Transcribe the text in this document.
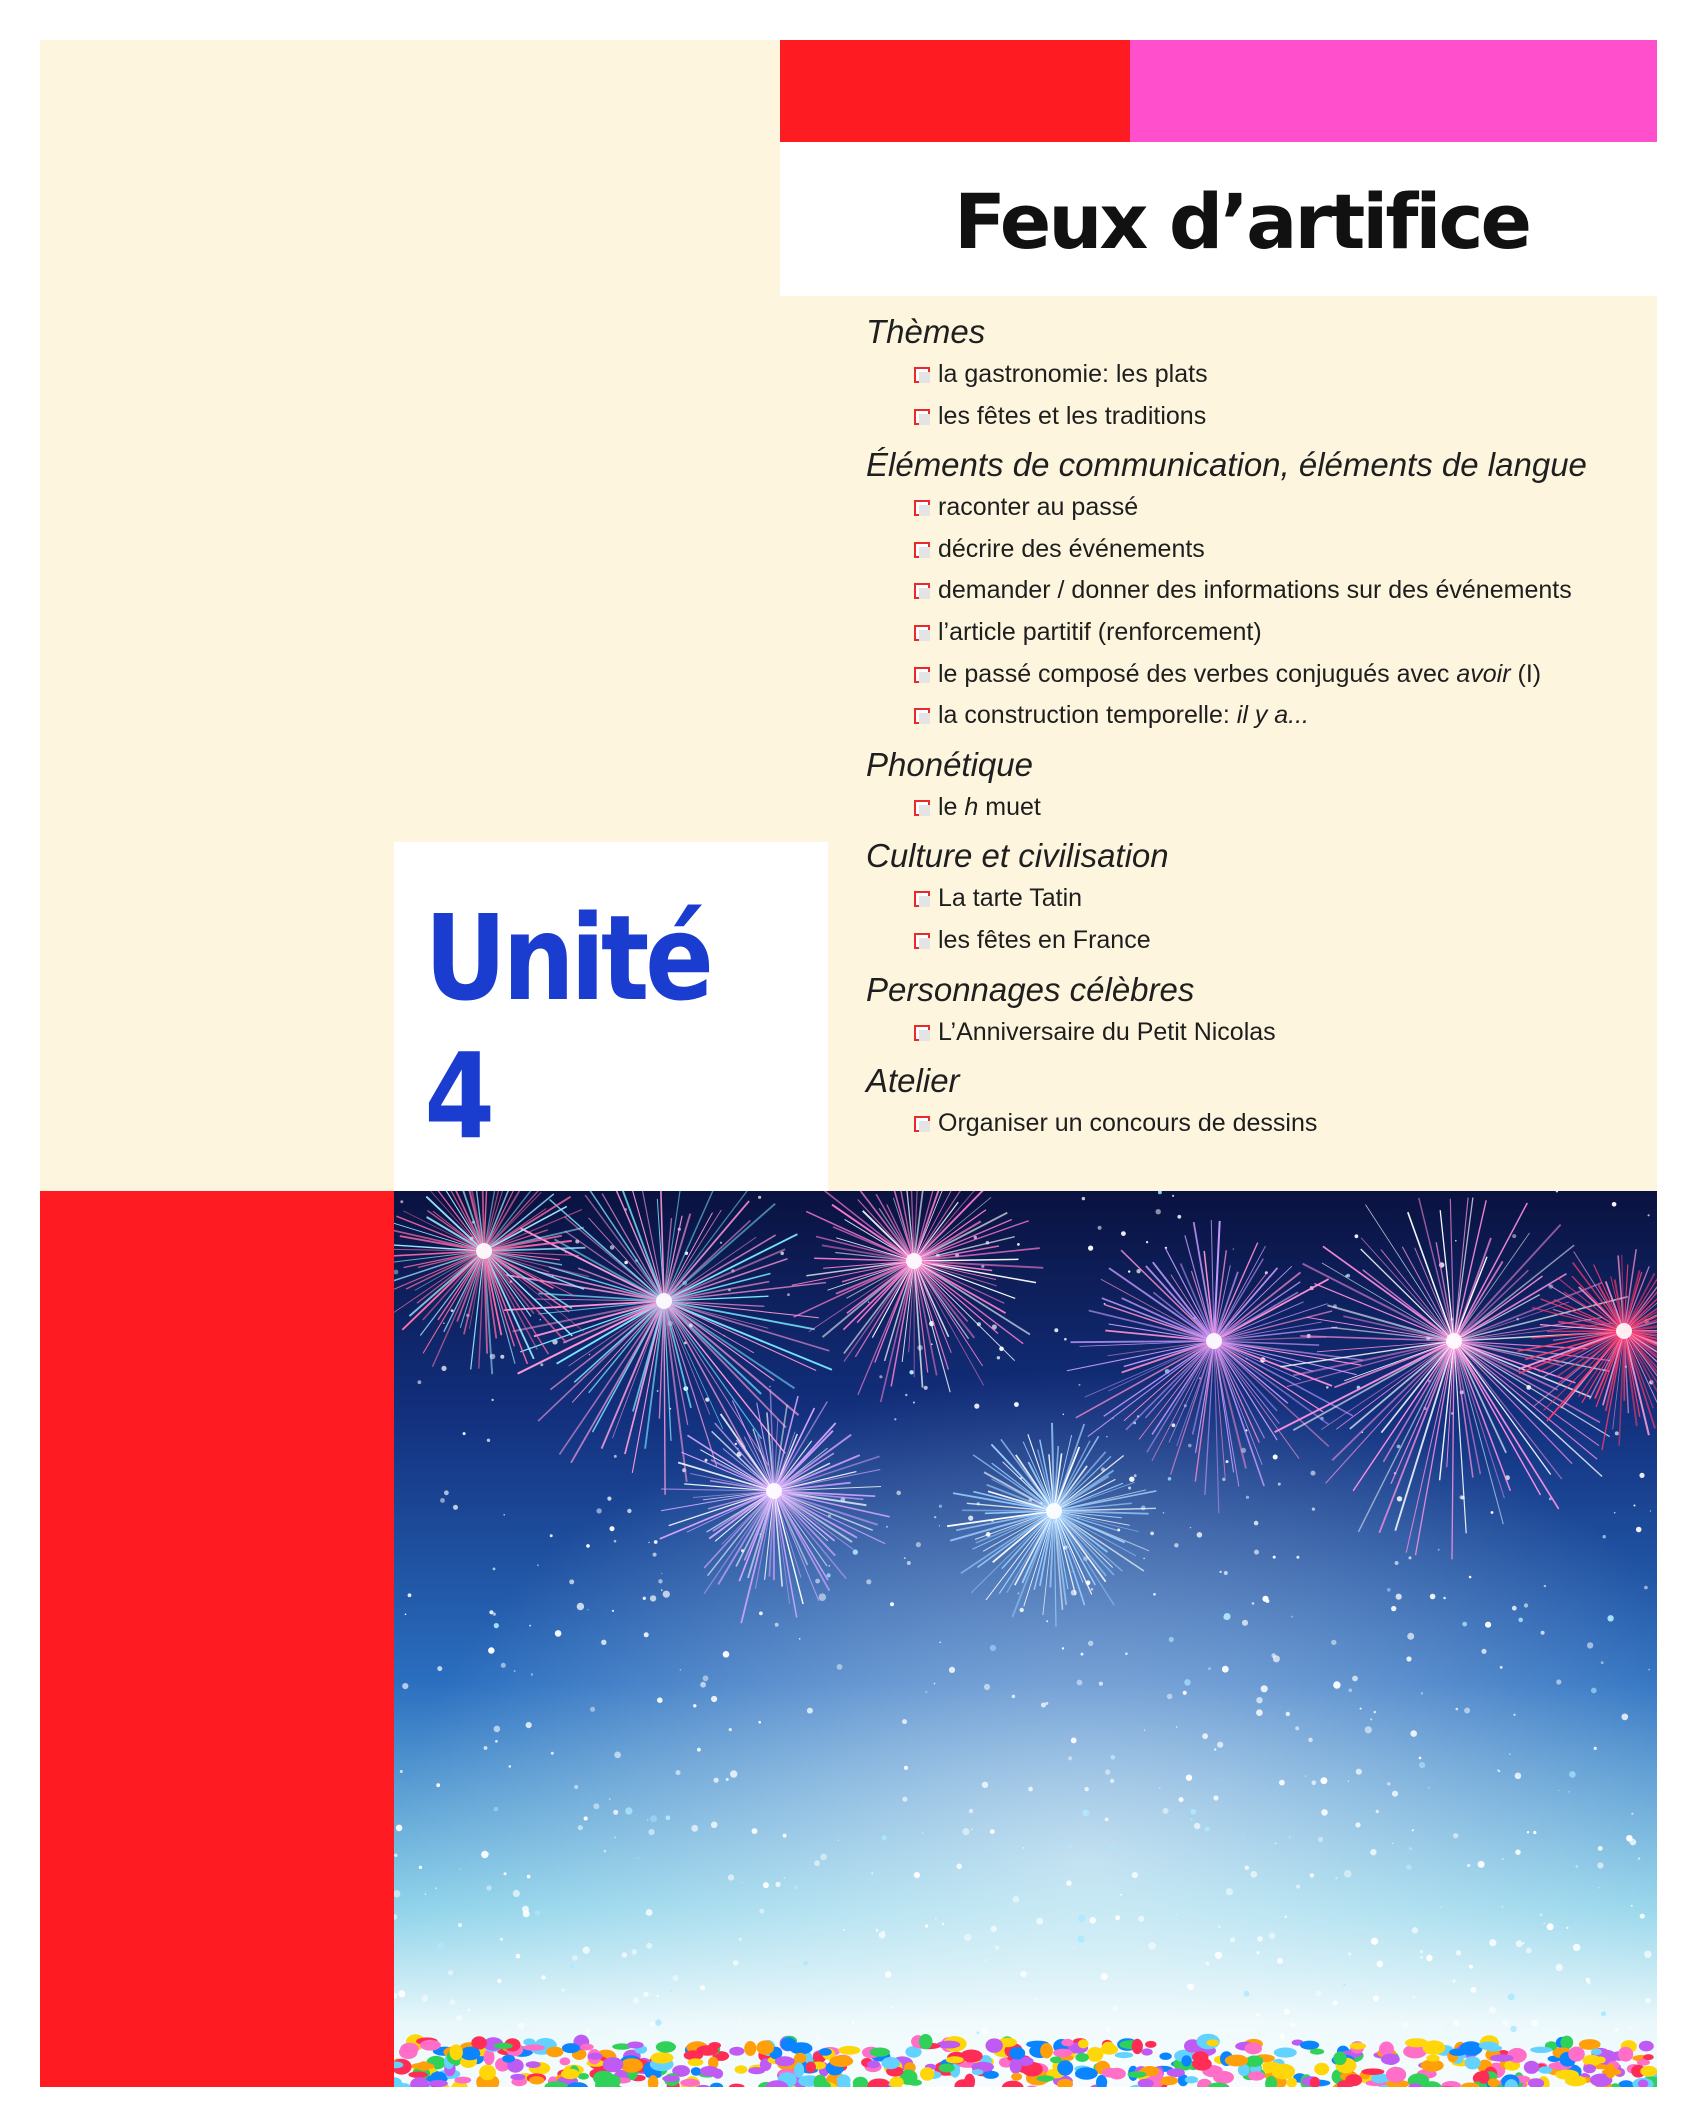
Feux d’artifice
Thèmes
la gastronomie: les plats
les fêtes et les traditions
Éléments de communication, éléments de langue
raconter au passé
décrire des événements
demander / donner des informations sur des événements
l’article partitif (renforcement)
le passé composé des verbes conjugués avec avoir (I)
la construction temporelle: il y a...
Phonétique
le h muet
Culture et civilisation
La tarte Tatin
les fêtes en France
Personnages célèbres
L’Anniversaire du Petit Nicolas
Atelier
Organiser un concours de dessins
Unité 4
